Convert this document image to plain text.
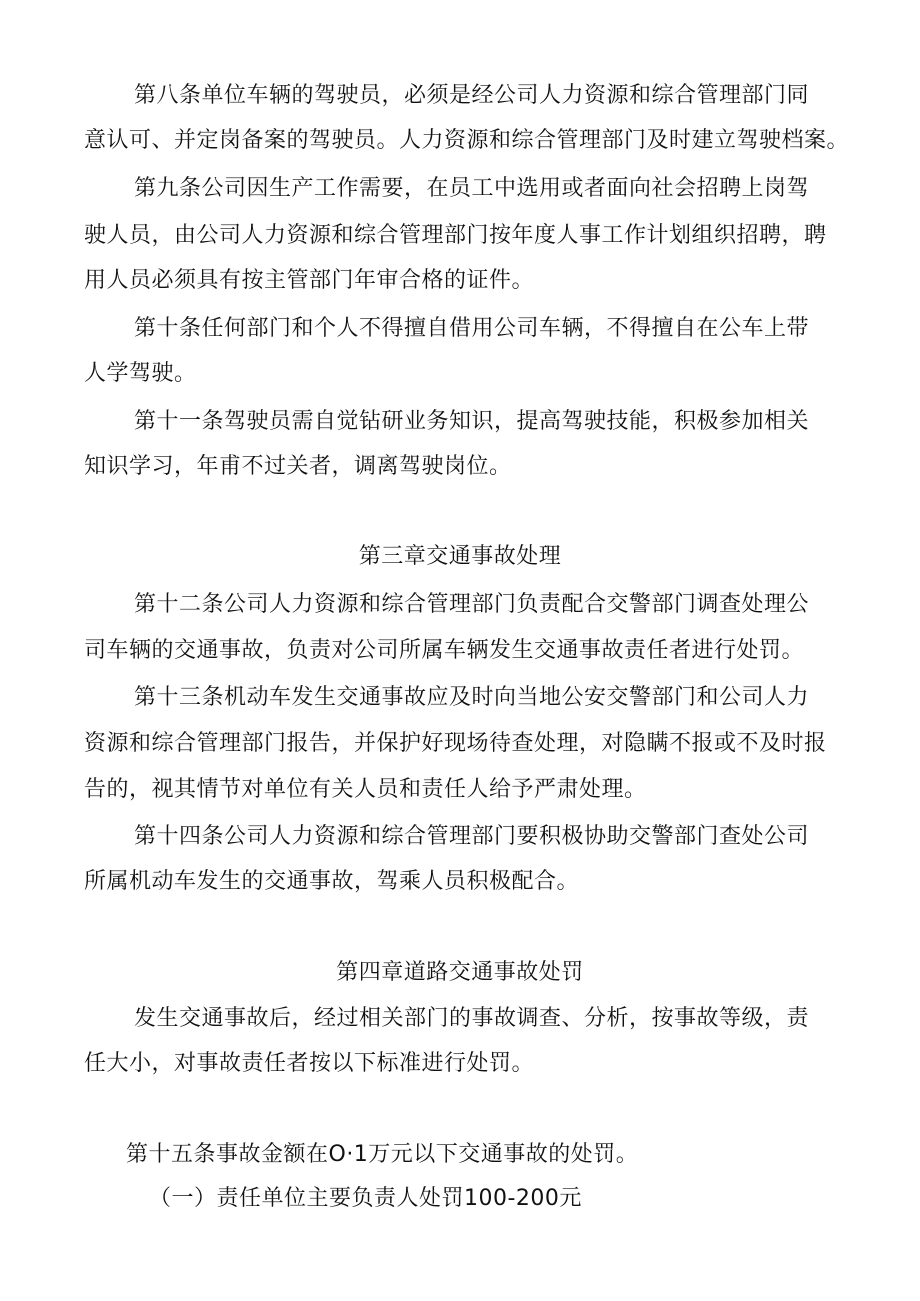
第八条单位车辆的驾驶员，必须是经公司人力资源和综合管理部门同
意认可、并定岗备案的驾驶员。人力资源和综合管理部门及时建立驾驶档案。
第九条公司因生产工作需要，在员工中选用或者面向社会招聘上岗驾
驶人员，由公司人力资源和综合管理部门按年度人事工作计划组织招聘，聘
用人员必须具有按主管部门年审合格的证件。
第十条任何部门和个人不得擅自借用公司车辆，不得擅自在公车上带
人学驾驶。
第十一条驾驶员需自觉钻研业务知识，提高驾驶技能，积极参加相关
知识学习，年甫不过关者，调离驾驶岗位。
第三章交通事故处理
第十二条公司人力资源和综合管理部门负责配合交警部门调查处理公
司车辆的交通事故，负责对公司所属车辆发生交通事故责任者进行处罚。
第十三条机动车发生交通事故应及时向当地公安交警部门和公司人力
资源和综合管理部门报告，并保护好现场待查处理，对隐瞒不报或不及时报
告的，视其情节对单位有关人员和责任人给予严肃处理。
第十四条公司人力资源和综合管理部门要积极协助交警部门查处公司
所属机动车发生的交通事故，驾乘人员积极配合。
第四章道路交通事故处罚
发生交通事故后，经过相关部门的事故调查、分析，按事故等级，责
任大小，对事故责任者按以下标准进行处罚。
第十五条事故金额在O·1万元以下交通事故的处罚。
（一）责任单位主要负责人处罚100-200元
